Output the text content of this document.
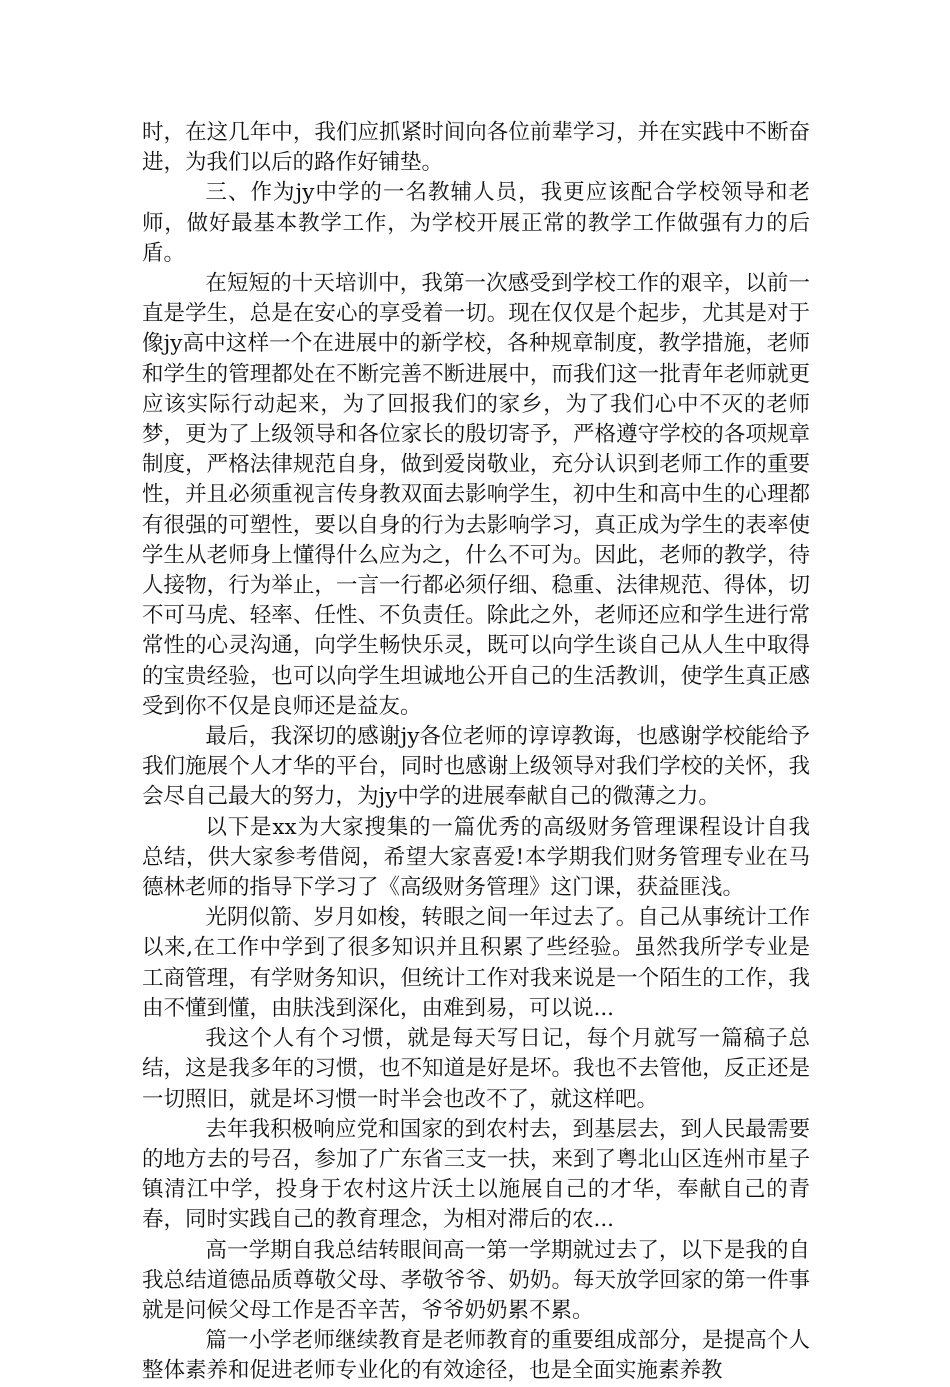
时，在这几年中，我们应抓紧时间向各位前辈学习，并在实践中不断奋进，为我们以后的路作好铺垫。

三、作为jy中学的一名教辅人员，我更应该配合学校领导和老师，做好最基本教学工作，为学校开展正常的教学工作做强有力的后盾。

在短短的十天培训中，我第一次感受到学校工作的艰辛，以前一直是学生，总是在安心的享受着一切。现在仅仅是个起步，尤其是对于像jy高中这样一个在进展中的新学校，各种规章制度，教学措施，老师和学生的管理都处在不断完善不断进展中，而我们这一批青年老师就更应该实际行动起来，为了回报我们的家乡，为了我们心中不灭的老师梦，更为了上级领导和各位家长的殷切寄予，严格遵守学校的各项规章制度，严格法律规范自身，做到爱岗敬业，充分认识到老师工作的重要性，并且必须重视言传身教双面去影响学生，初中生和高中生的心理都有很强的可塑性，要以自身的行为去影响学习，真正成为学生的表率使学生从老师身上懂得什么应为之，什么不可为。因此，老师的教学，待人接物，行为举止，一言一行都必须仔细、稳重、法律规范、得体，切不可马虎、轻率、任性、不负责任。除此之外，老师还应和学生进行常常性的心灵沟通，向学生畅快乐灵，既可以向学生谈自己从人生中取得的宝贵经验，也可以向学生坦诚地公开自己的生活教训，使学生真正感受到你不仅是良师还是益友。

最后，我深切的感谢jy各位老师的谆谆教诲，也感谢学校能给予我们施展个人才华的平台，同时也感谢上级领导对我们学校的关怀，我会尽自己最大的努力，为jy中学的进展奉献自己的微薄之力。

以下是xx为大家搜集的一篇优秀的高级财务管理课程设计自我总结，供大家参考借阅，希望大家喜爱!本学期我们财务管理专业在马德林老师的指导下学习了《高级财务管理》这门课，获益匪浅。

光阴似箭、岁月如梭，转眼之间一年过去了。自己从事统计工作以来,在工作中学到了很多知识并且积累了些经验。虽然我所学专业是工商管理，有学财务知识，但统计工作对我来说是一个陌生的工作，我由不懂到懂，由肤浅到深化，由难到易，可以说...

我这个人有个习惯，就是每天写日记，每个月就写一篇稿子总结，这是我多年的习惯，也不知道是好是坏。我也不去管他，反正还是一切照旧，就是坏习惯一时半会也改不了，就这样吧。

去年我积极响应党和国家的到农村去，到基层去，到人民最需要的地方去的号召，参加了广东省三支一扶，来到了粤北山区连州市星子镇清江中学，投身于农村这片沃土以施展自己的才华，奉献自己的青春，同时实践自己的教育理念，为相对滞后的农...

高一学期自我总结转眼间高一第一学期就过去了，以下是我的自我总结道德品质尊敬父母、孝敬爷爷、奶奶。每天放学回家的第一件事就是问候父母工作是否辛苦，爷爷奶奶累不累。

篇一小学老师继续教育是老师教育的重要组成部分，是提高个人整体素养和促进老师专业化的有效途径，也是全面实施素养教
